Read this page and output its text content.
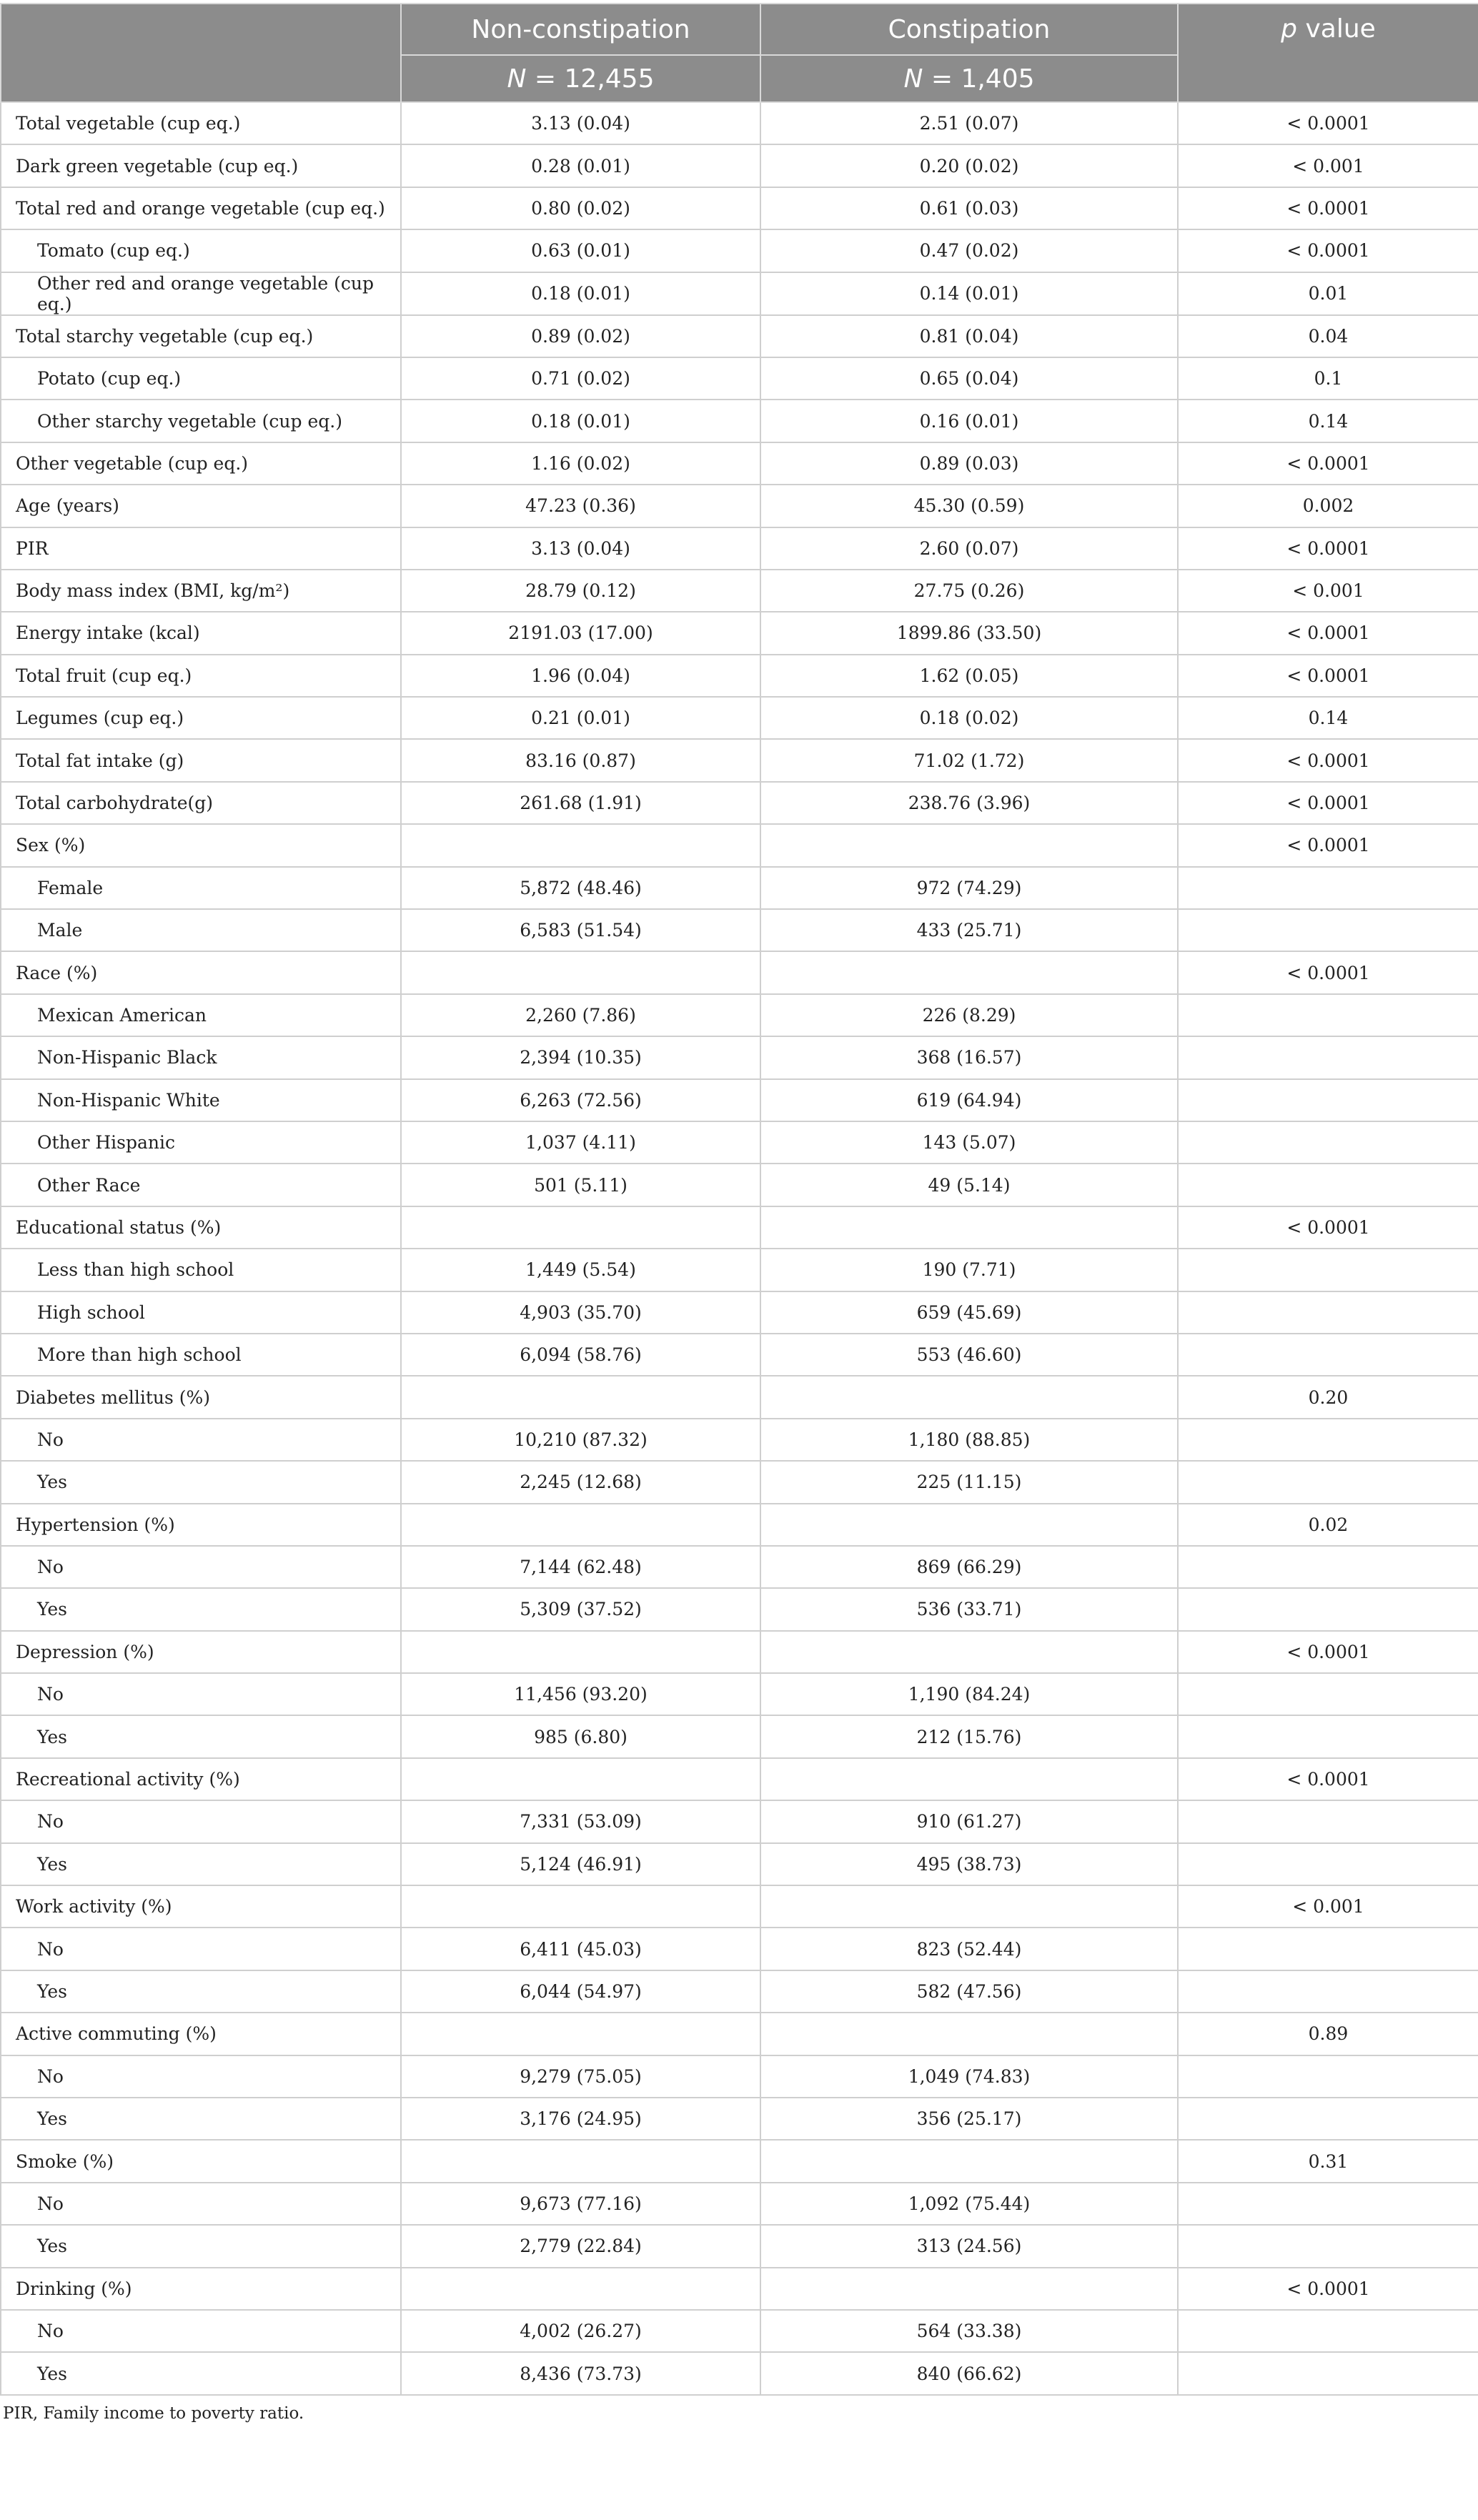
	Non-constipation	Constipation	p value
	N = 12,455	N = 1,405	
Total vegetable (cup eq.)	3.13 (0.04)	2.51 (0.07)	< 0.0001
Dark green vegetable (cup eq.)	0.28 (0.01)	0.20 (0.02)	< 0.001
Total red and orange vegetable (cup eq.)	0.80 (0.02)	0.61 (0.03)	< 0.0001
Tomato (cup eq.)	0.63 (0.01)	0.47 (0.02)	< 0.0001
Other red and orange vegetable (cup eq.)	0.18 (0.01)	0.14 (0.01)	0.01
Total starchy vegetable (cup eq.)	0.89 (0.02)	0.81 (0.04)	0.04
Potato (cup eq.)	0.71 (0.02)	0.65 (0.04)	0.1
Other starchy vegetable (cup eq.)	0.18 (0.01)	0.16 (0.01)	0.14
Other vegetable (cup eq.)	1.16 (0.02)	0.89 (0.03)	< 0.0001
Age (years)	47.23 (0.36)	45.30 (0.59)	0.002
PIR	3.13 (0.04)	2.60 (0.07)	< 0.0001
Body mass index (BMI, kg/m²)	28.79 (0.12)	27.75 (0.26)	< 0.001
Energy intake (kcal)	2191.03 (17.00)	1899.86 (33.50)	< 0.0001
Total fruit (cup eq.)	1.96 (0.04)	1.62 (0.05)	< 0.0001
Legumes (cup eq.)	0.21 (0.01)	0.18 (0.02)	0.14
Total fat intake (g)	83.16 (0.87)	71.02 (1.72)	< 0.0001
Total carbohydrate(g)	261.68 (1.91)	238.76 (3.96)	< 0.0001
Sex (%)			< 0.0001
Female	5,872 (48.46)	972 (74.29)	
Male	6,583 (51.54)	433 (25.71)	
Race (%)			< 0.0001
Mexican American	2,260 (7.86)	226 (8.29)	
Non-Hispanic Black	2,394 (10.35)	368 (16.57)	
Non-Hispanic White	6,263 (72.56)	619 (64.94)	
Other Hispanic	1,037 (4.11)	143 (5.07)	
Other Race	501 (5.11)	49 (5.14)	
Educational status (%)			< 0.0001
Less than high school	1,449 (5.54)	190 (7.71)	
High school	4,903 (35.70)	659 (45.69)	
More than high school	6,094 (58.76)	553 (46.60)	
Diabetes mellitus (%)			0.20
No	10,210 (87.32)	1,180 (88.85)	
Yes	2,245 (12.68)	225 (11.15)	
Hypertension (%)			0.02
No	7,144 (62.48)	869 (66.29)	
Yes	5,309 (37.52)	536 (33.71)	
Depression (%)			< 0.0001
No	11,456 (93.20)	1,190 (84.24)	
Yes	985 (6.80)	212 (15.76)	
Recreational activity (%)			< 0.0001
No	7,331 (53.09)	910 (61.27)	
Yes	5,124 (46.91)	495 (38.73)	
Work activity (%)			< 0.001
No	6,411 (45.03)	823 (52.44)	
Yes	6,044 (54.97)	582 (47.56)	
Active commuting (%)			0.89
No	9,279 (75.05)	1,049 (74.83)	
Yes	3,176 (24.95)	356 (25.17)	
Smoke (%)			0.31
No	9,673 (77.16)	1,092 (75.44)	
Yes	2,779 (22.84)	313 (24.56)	
Drinking (%)			< 0.0001
No	4,002 (26.27)	564 (33.38)	
Yes	8,436 (73.73)	840 (66.62)	
PIR, Family income to poverty ratio.
